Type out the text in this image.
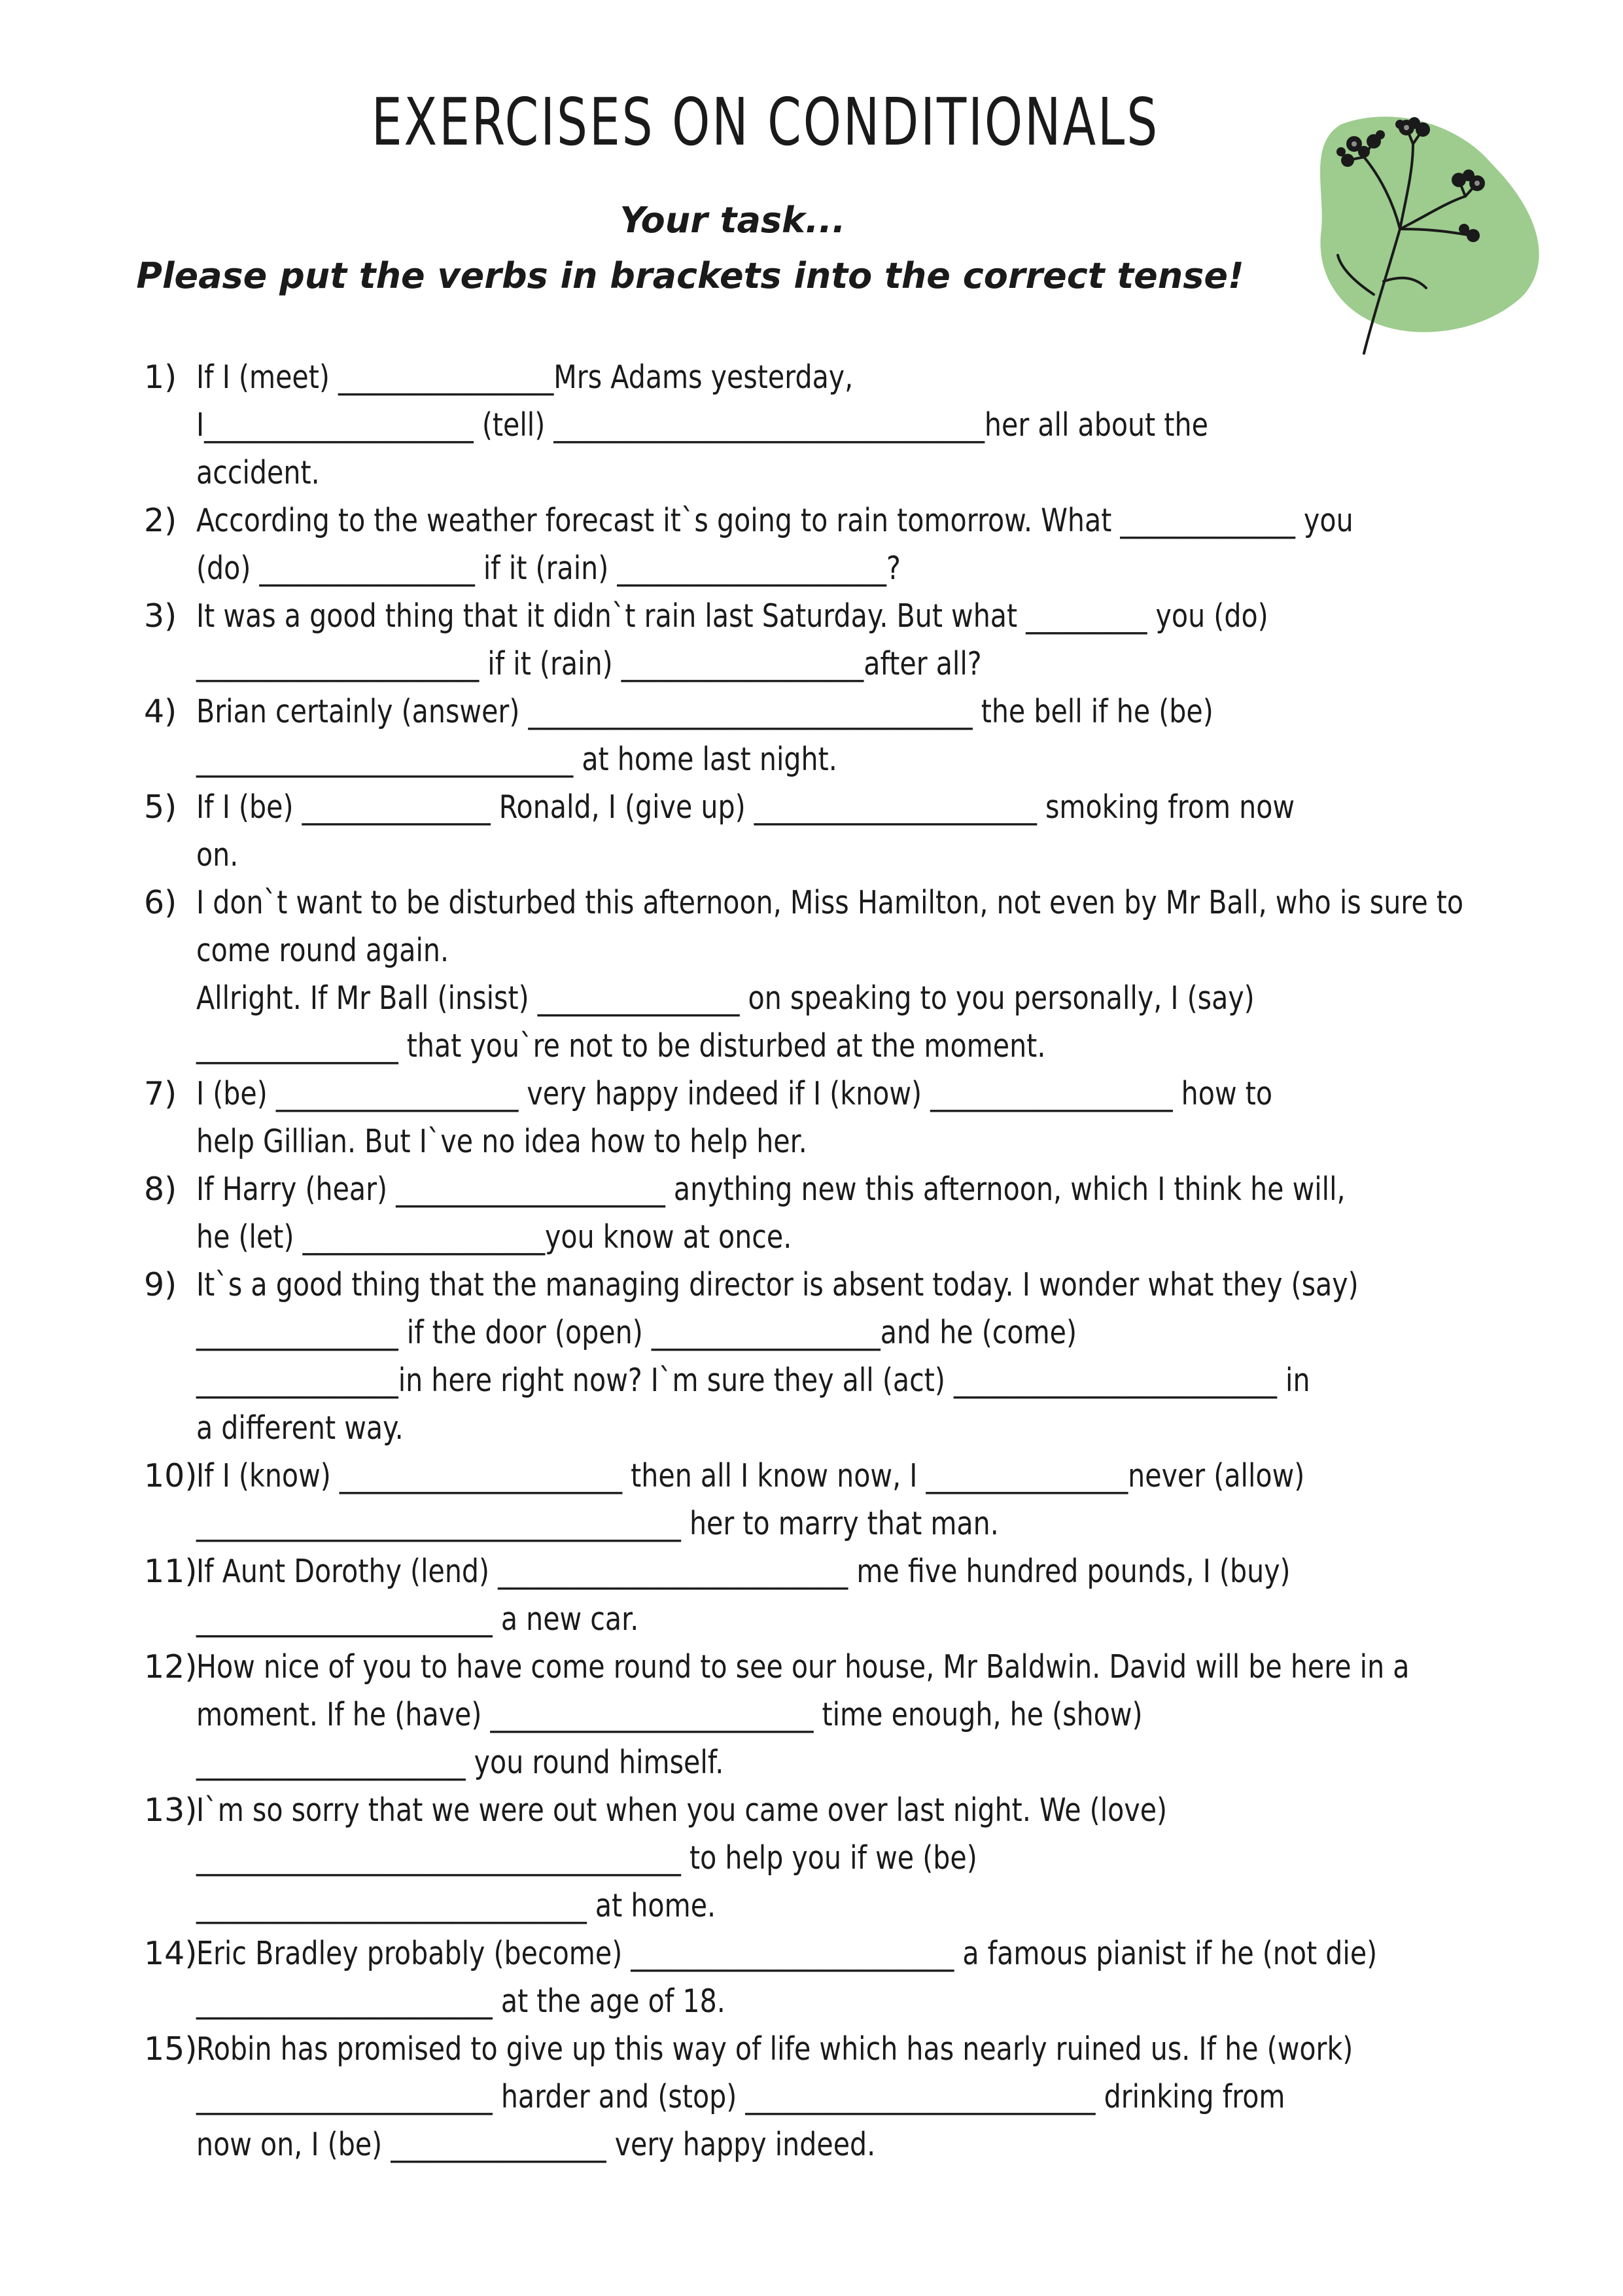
EXERCISES ON CONDITIONALS
Your task...
Please put the verbs in brackets into the correct tense!
1) If I (meet) ________________Mrs Adams yesterday,
I____________________ (tell) ________________________________her all about the
accident.
2) According to the weather forecast it`s going to rain tomorrow. What _____________ you
(do) ________________ if it (rain) ____________________?
3) It was a good thing that it didn`t rain last Saturday. But what _________ you (do)
_____________________ if it (rain) __________________after all?
4) Brian certainly (answer) _________________________________ the bell if he (be)
____________________________ at home last night.
5) If I (be) ______________ Ronald, I (give up) _____________________ smoking from now
on.
6) I don`t want to be disturbed this afternoon, Miss Hamilton, not even by Mr Ball, who is sure to
come round again.
Allright. If Mr Ball (insist) _______________ on speaking to you personally, I (say)
_______________ that you`re not to be disturbed at the moment.
7) I (be) __________________ very happy indeed if I (know) __________________ how to
help Gillian. But I`ve no idea how to help her.
8) If Harry (hear) ____________________ anything new this afternoon, which I think he will,
he (let) __________________you know at once.
9) It`s a good thing that the managing director is absent today. I wonder what they (say)
_______________ if the door (open) _________________and he (come)
_______________in here right now? I`m sure they all (act) ________________________ in
a different way.
10)
If I (know) _____________________ then all I know now, I _______________never (allow)
____________________________________ her to marry that man.
11)
If Aunt Dorothy (lend) __________________________ me five hundred pounds, I (buy)
______________________ a new car.
12)
How nice of you to have come round to see our house, Mr Baldwin. David will be here in a
moment. If he (have) ________________________ time enough, he (show)
____________________ you round himself.
13)
I`m so sorry that we were out when you came over last night. We (love)
____________________________________ to help you if we (be)
_____________________________ at home.
14)
Eric Bradley probably (become) ________________________ a famous pianist if he (not die)
______________________ at the age of 18.
15)
Robin has promised to give up this way of life which has nearly ruined us. If he (work)
______________________ harder and (stop) __________________________ drinking from
now on, I (be) ________________ very happy indeed.
